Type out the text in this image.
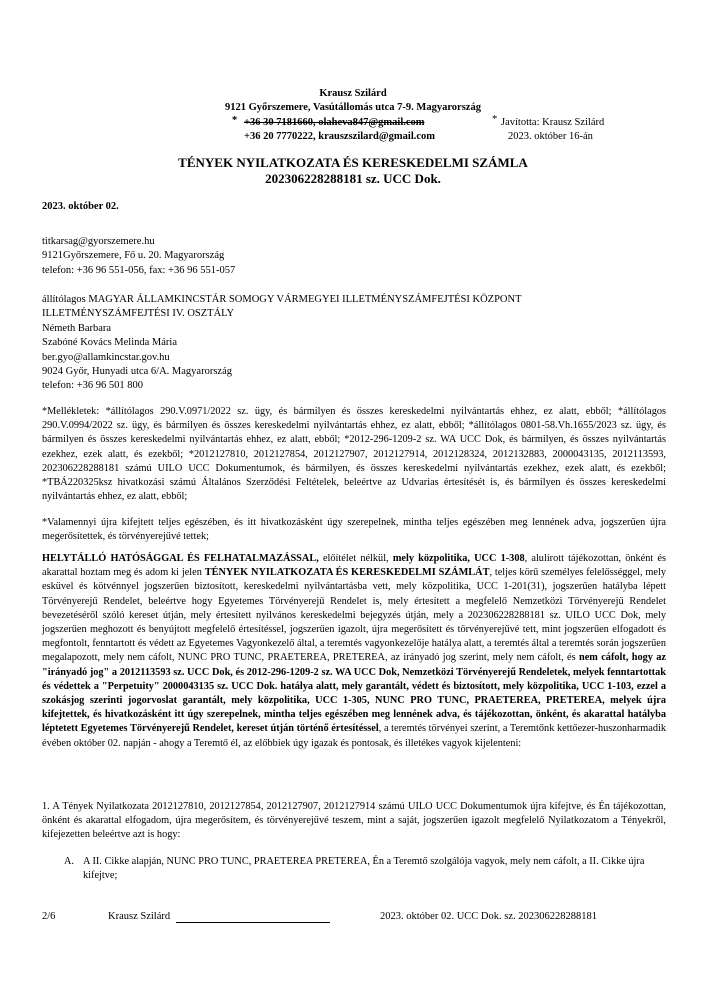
Krausz Szilárd
9121 Győrszemere, Vasútállomás utca 7-9. Magyarország
* +36 30 7181660, olaheva847@gmail.com	* Javította: Krausz Szilárd
+36 20 7770222, krauszszilard@gmail.com	2023. október 16-án
TÉNYEK NYILATKOZATA ÉS KERESKEDELMI SZÁMLA
202306228288181 sz. UCC Dok.
2023. október 02.
titkarsag@gyorszemere.hu
9121Győrszemere, Fő u. 20. Magyarország
telefon: +36 96 551-056, fax: +36 96 551-057
állítólagos MAGYAR ÁLLAMKINCSTÁR SOMOGY VÁRMEGYEI ILLETMÉNYSZÁMFEJTÉSI KÖZPONT
ILLETMÉNYSZÁMFEJTÉSI IV. OSZTÁLY
Németh Barbara
Szabóné Kovács Melinda Mária
ber.gyo@allamkincstar.gov.hu
9024 Győr, Hunyadi utca 6/A. Magyarország
telefon: +36 96 501 800
*Mellékletek: *állítólagos 290.V.0971/2022 sz. ügy, és bármilyen és összes kereskedelmi nyilvántartás ehhez, ez alatt, ebből; *állítólagos 290.V.0994/2022 sz. ügy, és bármilyen és összes kereskedelmi nyilvántartás ehhez, ez alatt, ebből; *állítólagos 0801-58.Vh.1655/2023 sz. ügy, és bármilyen és összes kereskedelmi nyilvántartás ehhez, ez alatt, ebből; *2012-296-1209-2 sz. WA UCC Dok, és bármilyen, és összes nyilvántartás ezekhez, ezek alatt, és ezekből; *2012127810, 2012127854, 2012127907, 2012127914, 2012128324, 2012132883, 2000043135, 2012113593, 202306228288181 számú UILO UCC Dokumentumok, és bármilyen, és összes kereskedelmi nyilvántartás ezekhez, ezek alatt, és ezekből; *TBÁ220325ksz hivatkozási számú Általános Szerződési Feltételek, beleértve az Udvarias értesítését is, és bármilyen és összes kereskedelmi nyilvántartás ehhez, ez alatt, ebből;
*Valamennyi újra kifejtett teljes egészében, és itt hivatkozásként úgy szerepelnek, mintha teljes egészében meg lennének adva, jogszerűen újra megerősítettek, és törvényerejűvé tettek;
HELYTÁLLÓ HATÓSÁGGAL ÉS FELHATALMAZÁSSAL, előítélet nélkül, mely közpolitika, UCC 1-308, alulírott tájékozottan, önként és akarattal hoztam meg és adom ki jelen TÉNYEK NYILATKOZATA ÉS KERESKEDELMI SZÁMLÁT, teljes körű személyes felelősséggel, mely esküvel és kötvénnyel jogszerűen biztosított, kereskedelmi nyilvántartásba vett, mely közpolitika, UCC 1-201(31), jogszerűen hatályba lépett Törvényerejű Rendelet, beleértve hogy Egyetemes Törvényerejű Rendelet is, mely értesített a megfelelő Nemzetközi Törvényerejű Rendelet bevezetéséről szóló kereset útján, mely értesített nyilvános kereskedelmi bejegyzés útján, mely a 202306228288181 sz. UILO UCC Dok, mely jogszerűen meghozott és benyújtott megfelelő értesítéssel, jogszerűen igazolt, újra megerősített és törvényerejűvé tett, mint jogszerűen elfogadott és megfontolt, fenntartott és védett az Egyetemes Vagyonkezelő által, a teremtés vagyonkezelője hatálya alatt, a teremtés által a teremtés során jogszerűen megalapozott, mely nem cáfolt, NUNC PRO TUNC, PRAETEREA, PRETEREA, az irányadó jog szerint, mely nem cáfolt, és nem cáfolt, hogy az "irányadó jog" a 2012113593 sz. UCC Dok, és 2012-296-1209-2 sz. WA UCC Dok, Nemzetközi Törvényerejű Rendeletek, melyek fenntartottak és védettek a "Perpetuity" 2000043135 sz. UCC Dok. hatálya alatt, mely garantált, védett és biztosított, mely közpolitika, UCC 1-103, ezzel a szokásjog szerinti jogorvoslat garantált, mely közpolitika, UCC 1-305, NUNC PRO TUNC, PRAETEREA, PRETEREA, melyek újra kifejtettek, és hivatkozásként itt úgy szerepelnek, mintha teljes egészében meg lennének adva, és tájékozottan, önként, és akarattal hatályba léptetett Egyetemes Törvényerejű Rendelet, kereset útján történő értesítéssel, a teremtés törvényei szerint, a Teremtőnk kettőezer-huszonharmadik évében október 02. napján - ahogy a Teremtő él, az előbbiek úgy igazak és pontosak, és illetékes vagyok kijelenteni:
1. A Tények Nyilatkozata 2012127810, 2012127854, 2012127907, 2012127914 számú UILO UCC Dokumentumok újra kifejtve, és Én tájékozottan, önként és akarattal elfogadom, újra megerősítem, és törvényerejűvé teszem, mint a saját, jogszerűen igazolt megfelelő Nyilatkozatom a Tényekről, kifejezetten beleértve azt is hogy:
A. A II. Cikke alapján, NUNC PRO TUNC, PRAETEREA PRETEREA, Én a Teremtő szolgálója vagyok, mely nem cáfolt, a II. Cikke újra kifejtve;
2/6	Krausz Szilárd	2023. október 02. UCC Dok. sz. 202306228288181
